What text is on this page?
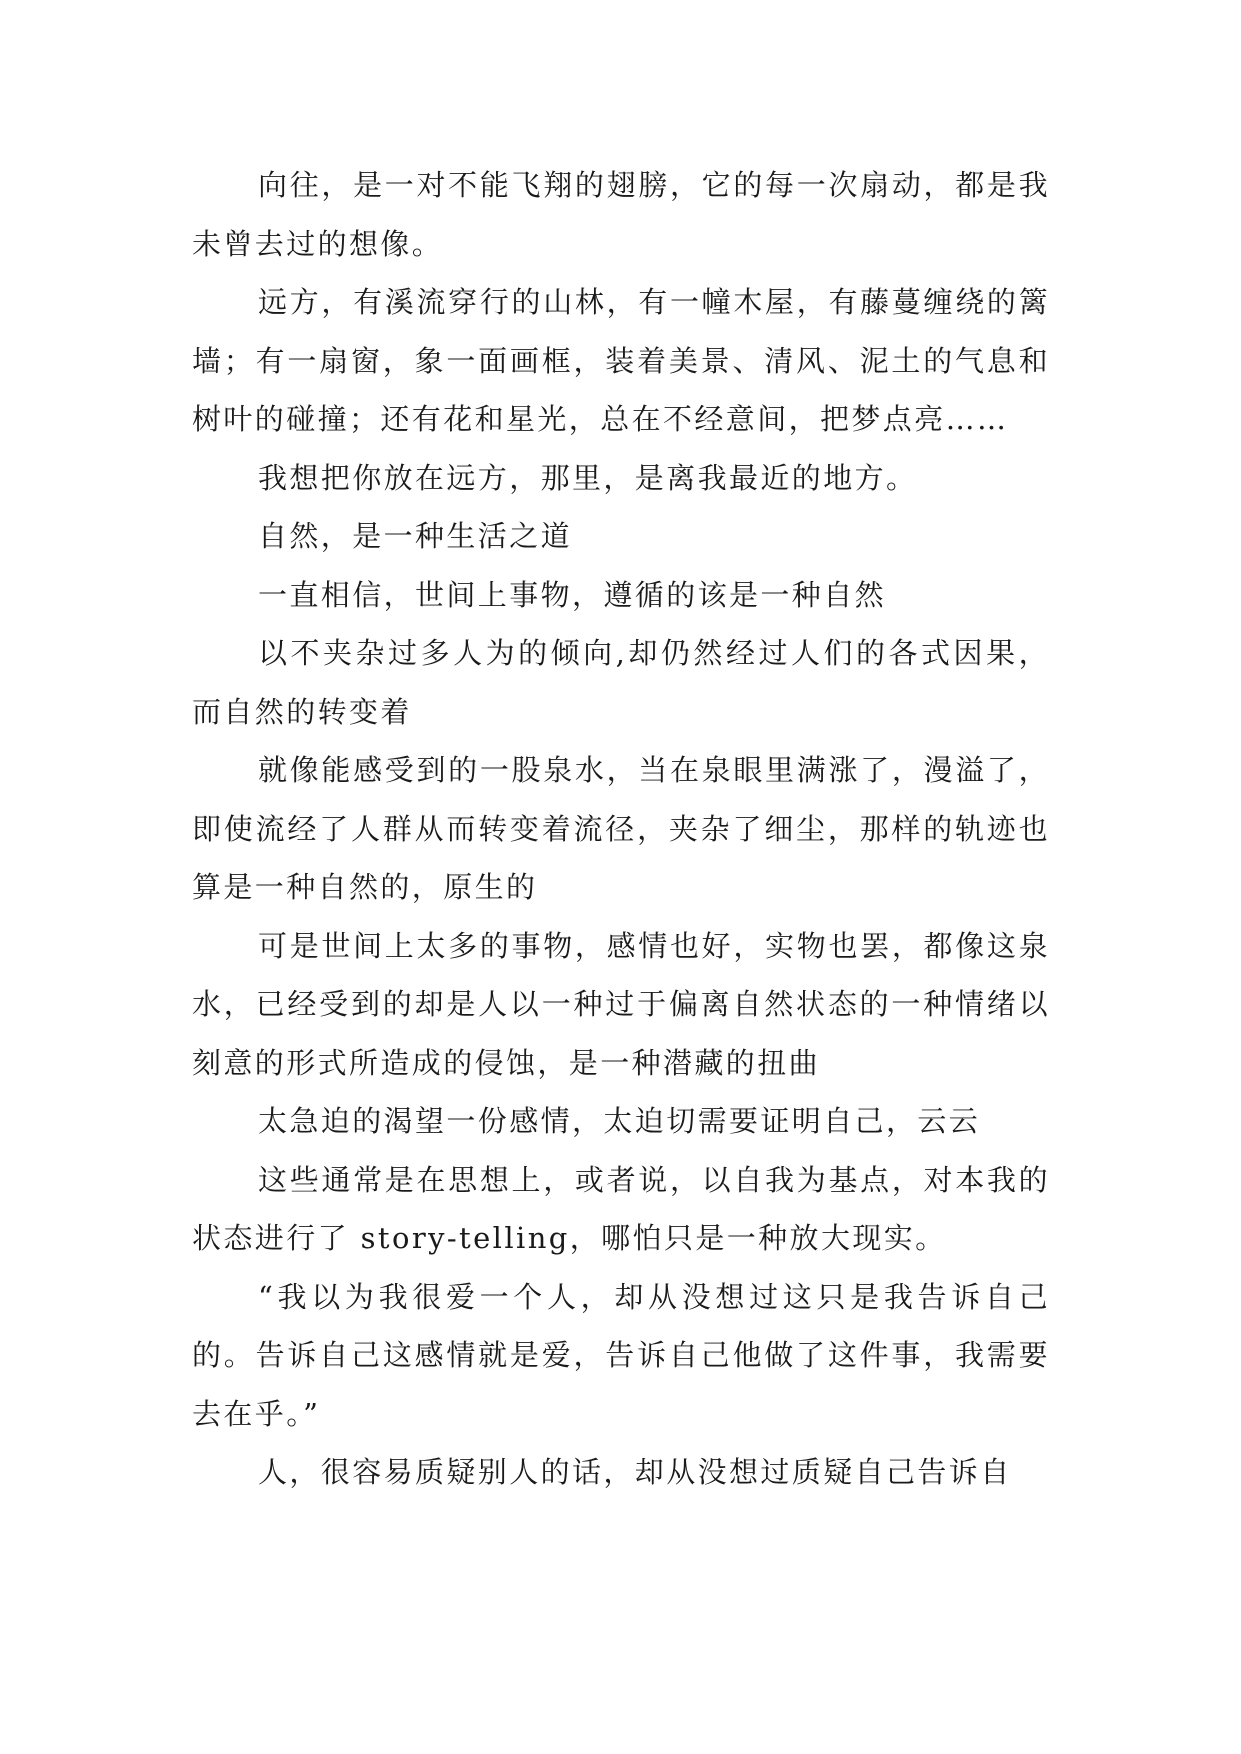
向往，是一对不能飞翔的翅膀，它的每一次扇动，都是我未曾去过的想像。

远方，有溪流穿行的山林，有一幢木屋，有藤蔓缠绕的篱墙；有一扇窗，象一面画框，装着美景、清风、泥土的气息和树叶的碰撞；还有花和星光，总在不经意间，把梦点亮……

我想把你放在远方，那里，是离我最近的地方。

自然，是一种生活之道

一直相信，世间上事物，遵循的该是一种自然

以不夹杂过多人为的倾向,却仍然经过人们的各式因果，而自然的转变着

就像能感受到的一股泉水，当在泉眼里满涨了，漫溢了，即使流经了人群从而转变着流径，夹杂了细尘，那样的轨迹也算是一种自然的，原生的

可是世间上太多的事物，感情也好，实物也罢，都像这泉水，已经受到的却是人以一种过于偏离自然状态的一种情绪以刻意的形式所造成的侵蚀，是一种潜藏的扭曲

太急迫的渴望一份感情，太迫切需要证明自己，云云

这些通常是在思想上，或者说，以自我为基点，对本我的状态进行了 story-telling，哪怕只是一种放大现实。

“我以为我很爱一个人，却从没想过这只是我告诉自己的。告诉自己这感情就是爱，告诉自己他做了这件事，我需要去在乎。”

人，很容易质疑别人的话，却从没想过质疑自己告诉自
